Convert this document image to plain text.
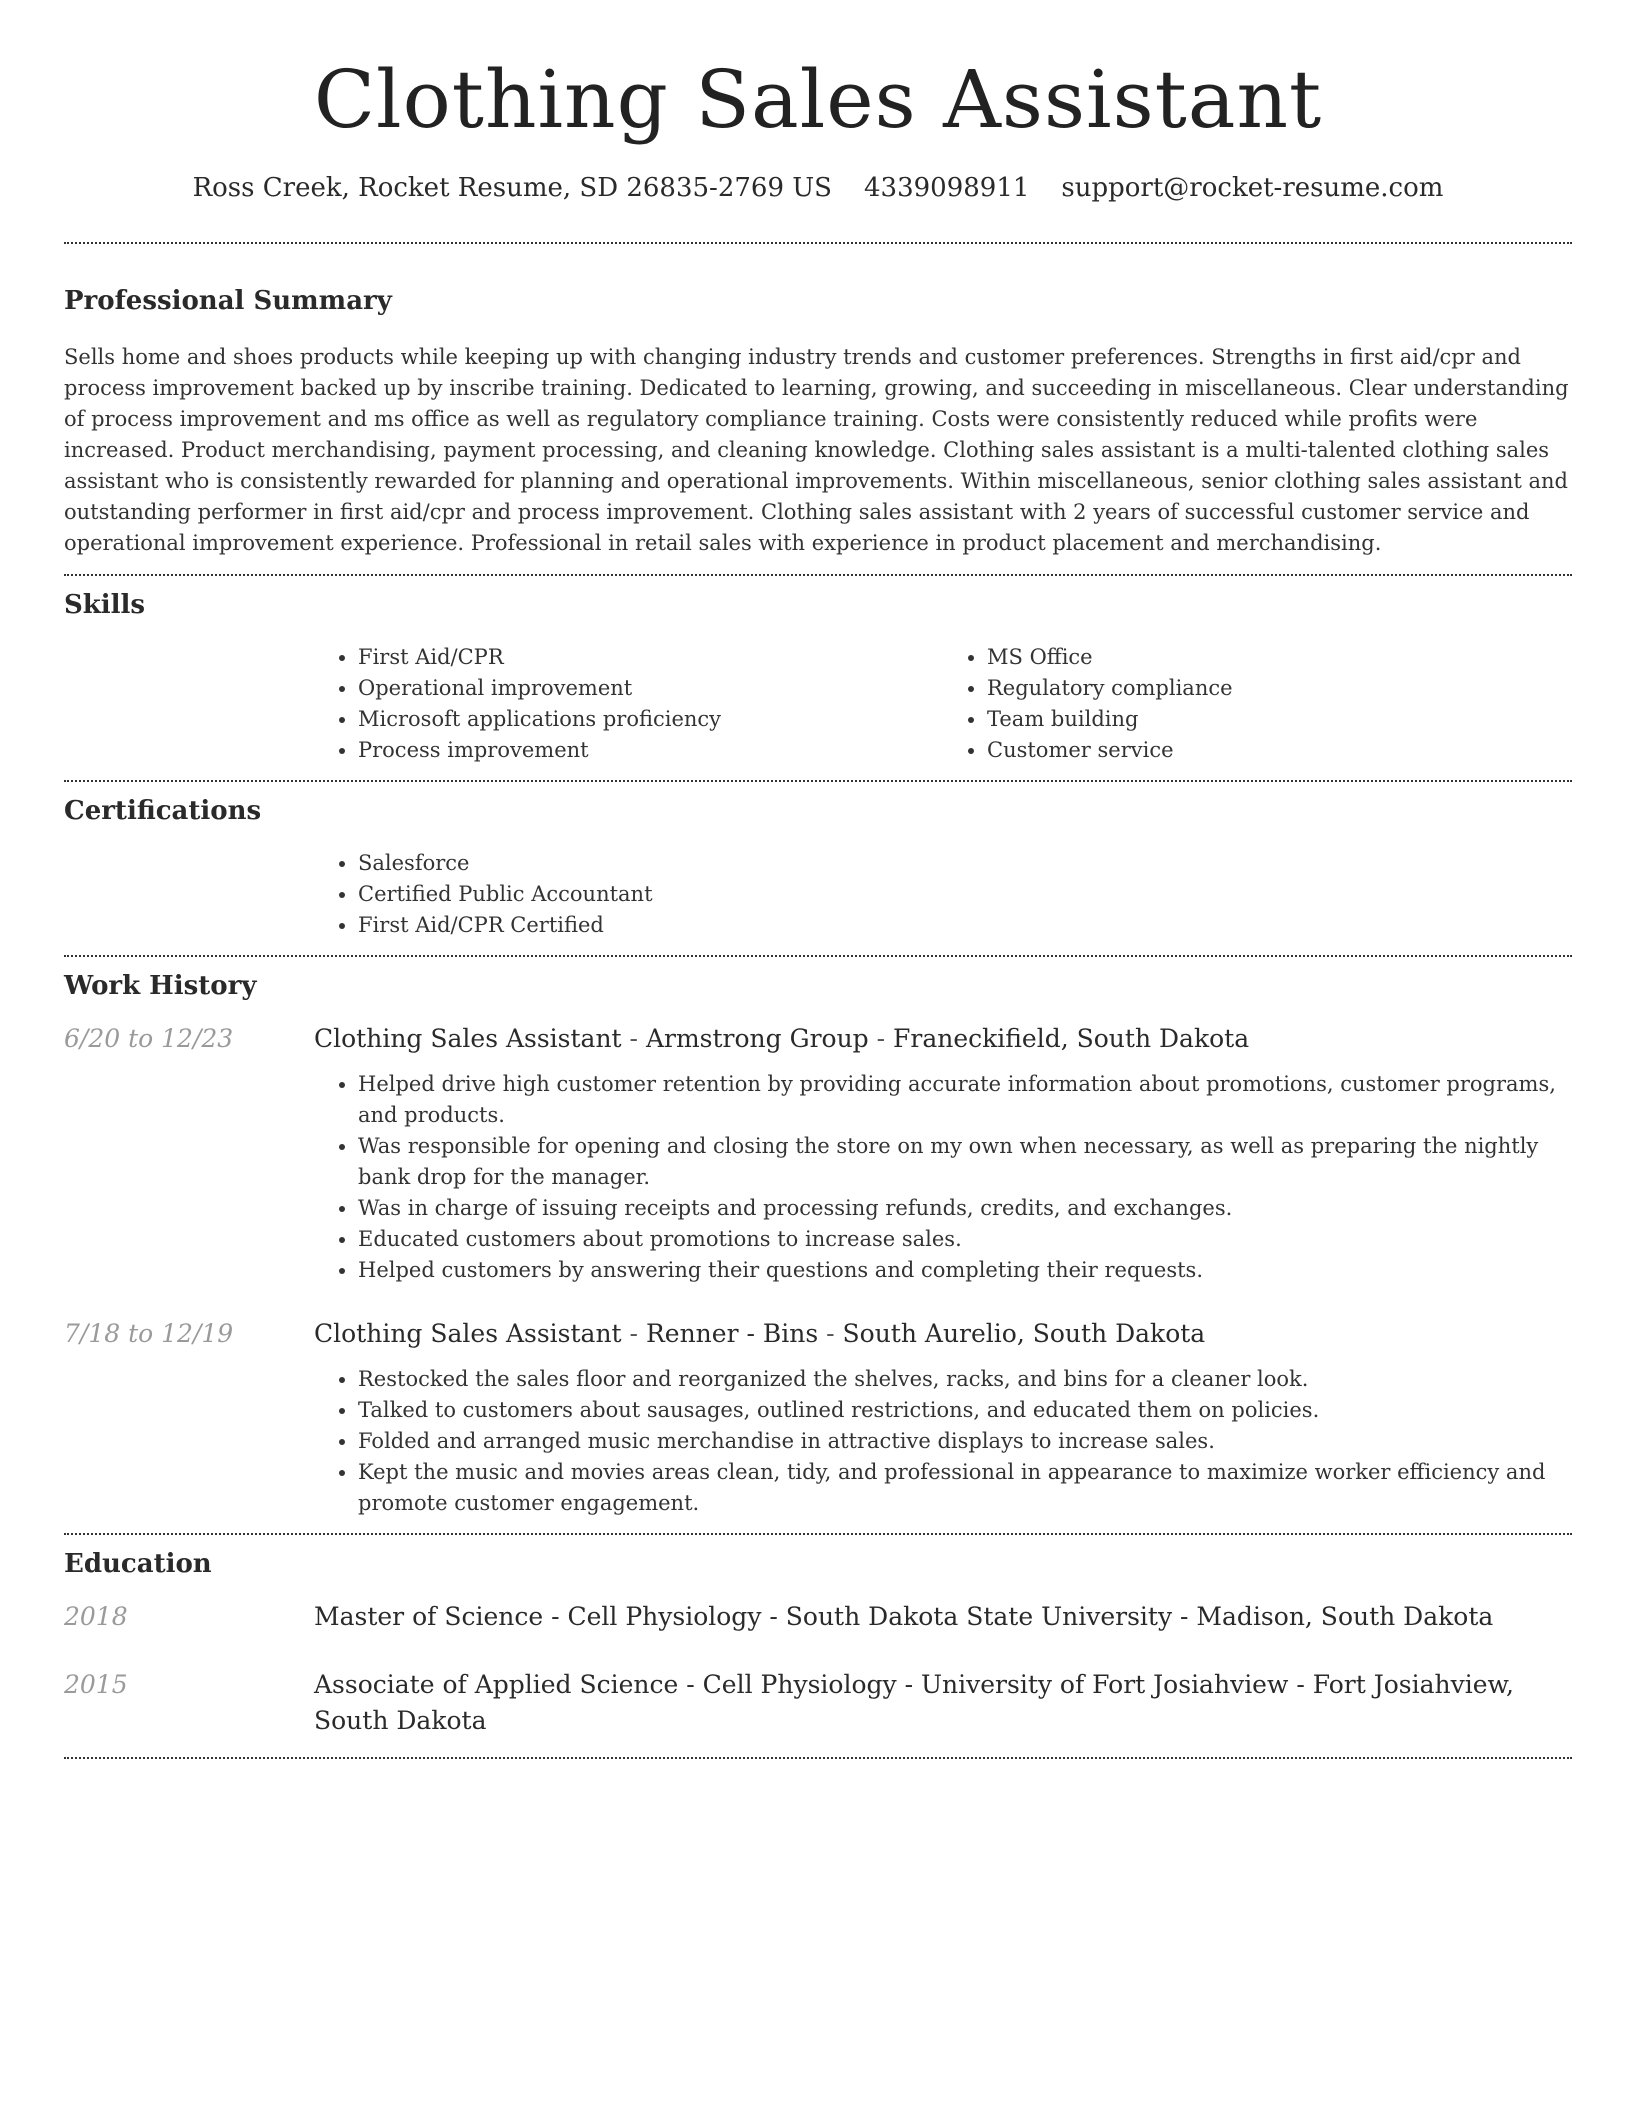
Clothing Sales Assistant
Ross Creek, Rocket Resume, SD 26835-2769 US 4339098911 support@rocket-resume.com
Professional Summary

Sells home and shoes products while keeping up with changing industry trends and customer preferences. Strengths in first aid/cpr and process improvement backed up by inscribe training. Dedicated to learning, growing, and succeeding in miscellaneous. Clear understanding of process improvement and ms office as well as regulatory compliance training. Costs were consistently reduced while profits were increased. Product merchandising, payment processing, and cleaning knowledge. Clothing sales assistant is a multi-talented clothing sales assistant who is consistently rewarded for planning and operational improvements. Within miscellaneous, senior clothing sales assistant and outstanding performer in first aid/cpr and process improvement. Clothing sales assistant with 2 years of successful customer service and operational improvement experience. Professional in retail sales with experience in product placement and merchandising.

Skills
• First Aid/CPR
• Operational improvement
• Microsoft applications proficiency
• Process improvement
• MS Office
• Regulatory compliance
• Team building
• Customer service
Certifications
• Salesforce
• Certified Public Accountant
• First Aid/CPR Certified
Work History
6/20 to 12/23	Clothing Sales Assistant - Armstrong Group - Franeckifield, South Dakota
• Helped drive high customer retention by providing accurate information about promotions, customer programs, and products.
• Was responsible for opening and closing the store on my own when necessary, as well as preparing the nightly bank drop for the manager.
• Was in charge of issuing receipts and processing refunds, credits, and exchanges.
• Educated customers about promotions to increase sales.
• Helped customers by answering their questions and completing their requests.
7/18 to 12/19	Clothing Sales Assistant - Renner - Bins - South Aurelio, South Dakota
• Restocked the sales floor and reorganized the shelves, racks, and bins for a cleaner look.
• Talked to customers about sausages, outlined restrictions, and educated them on policies.
• Folded and arranged music merchandise in attractive displays to increase sales.
• Kept the music and movies areas clean, tidy, and professional in appearance to maximize worker efficiency and promote customer engagement.
Education
2018	Master of Science - Cell Physiology - South Dakota State University - Madison, South Dakota
2015	Associate of Applied Science - Cell Physiology - University of Fort Josiahview - Fort Josiahview, South Dakota
